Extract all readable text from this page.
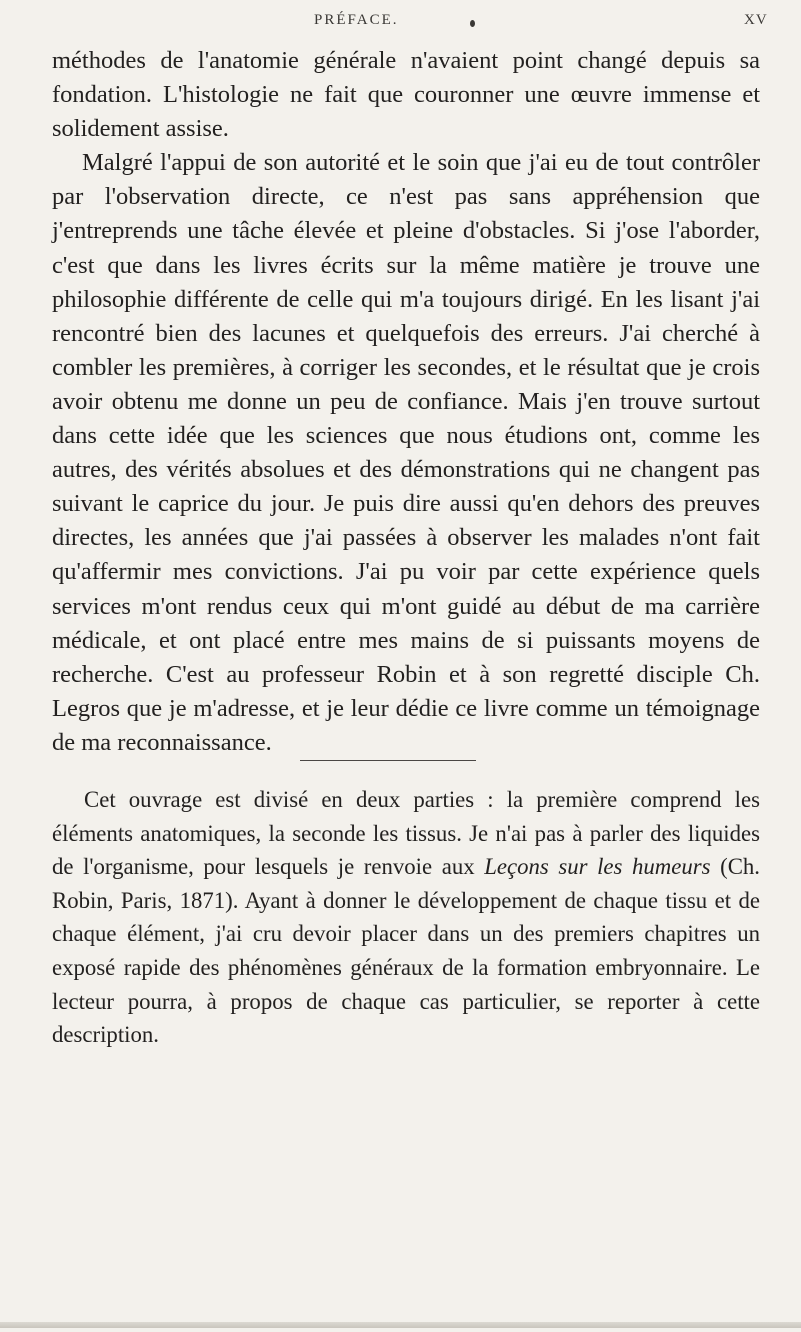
PRÉFACE.	XV

méthodes de l'anatomie générale n'avaient point changé depuis sa fondation. L'histologie ne fait que couronner une œuvre immense et solidement assise.

Malgré l'appui de son autorité et le soin que j'ai eu de tout contrôler par l'observation directe, ce n'est pas sans appréhension que j'entreprends une tâche élevée et pleine d'obstacles. Si j'ose l'aborder, c'est que dans les livres écrits sur la même matière je trouve une philosophie différente de celle qui m'a toujours dirigé. En les lisant j'ai rencontré bien des lacunes et quelquefois des erreurs. J'ai cherché à combler les premières, à corriger les secondes, et le résultat que je crois avoir obtenu me donne un peu de confiance. Mais j'en trouve surtout dans cette idée que les sciences que nous étudions ont, comme les autres, des vérités absolues et des démonstrations qui ne changent pas suivant le caprice du jour. Je puis dire aussi qu'en dehors des preuves directes, les années que j'ai passées à observer les malades n'ont fait qu'affermir mes convictions. J'ai pu voir par cette expérience quels services m'ont rendus ceux qui m'ont guidé au début de ma carrière médicale, et ont placé entre mes mains de si puissants moyens de recherche. C'est au professeur Robin et à son regretté disciple Ch. Legros que je m'adresse, et je leur dédie ce livre comme un témoignage de ma reconnaissance.

Cet ouvrage est divisé en deux parties : la première comprend les éléments anatomiques, la seconde les tissus. Je n'ai pas à parler des liquides de l'organisme, pour lesquels je renvoie aux Leçons sur les humeurs (Ch. Robin, Paris, 1871). Ayant à donner le développement de chaque tissu et de chaque élément, j'ai cru devoir placer dans un des premiers chapitres un exposé rapide des phénomènes généraux de la formation embryonnaire. Le lecteur pourra, à propos de chaque cas particulier, se reporter à cette description.
